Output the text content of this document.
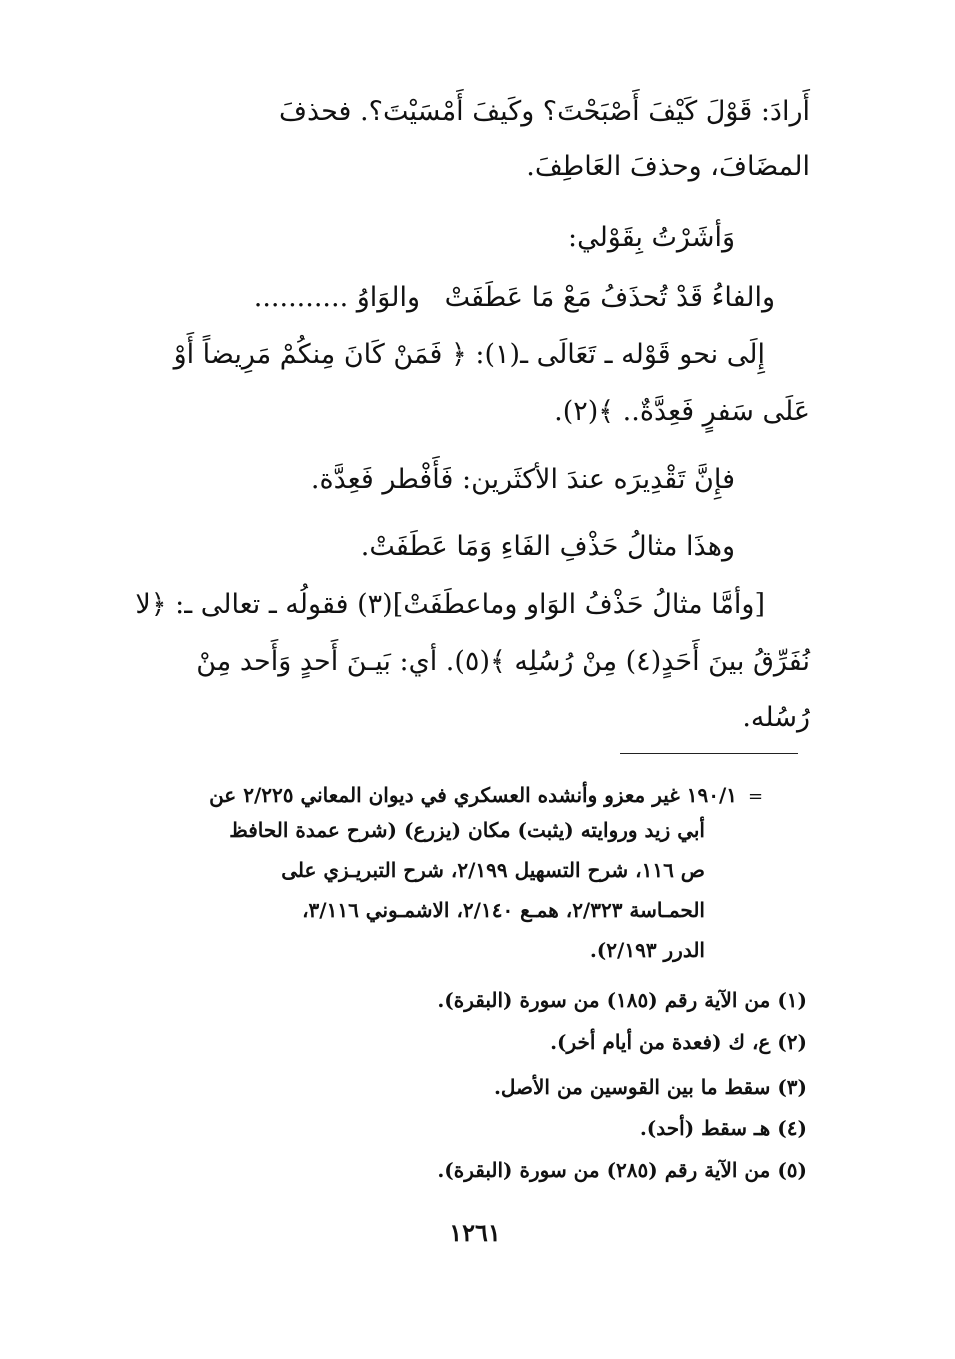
أَرادَ: قَوْلَ كَيْفَ أَصْبَحْتَ؟ وكَيفَ أَمْسَيْتَ؟. فحذفَ
المضَافَ، وحذفَ العَاطِفَ.
وَأشَرْتُ بِقَوْلي:
والفاءُ قَدْ تُحذَفُ مَعْ مَا عَطَفَتْ
والوَاوُ ...........
إِلَى نحو قَوْله ـ تَعَالَى ـ(١): ﴿ فَمَنْ كَانَ مِنكُمْ مَرِيضاً أَوْ
عَلَى سَفرٍ فَعِدَّةٌ.. ﴾(٢).
فإِنَّ تَقْدِيرَه عندَ الأكثَرين: فَأَفْطر فَعِدَّة.
وهذَا مثالُ حَذْفِ الفَاءِ وَمَا عَطَفَتْ.
[وأمَّا مثالُ حَذْفُ الوَاو وماعطَفَتْ](٣) فقولُه ـ تعالى ـ: ﴿لا
نُفَرِّقُ بينَ أَحَدٍ(٤) مِنْ رُسُلِه ﴾(٥). أي: بَيـنَ أَحدٍ وَأَحد مِنْ
رُسُله.
=
١٩٠/١ غير معزو وأنشده العسكري في ديوان المعاني ٢/٢٢٥ عن
أبي زيد وروايته (يثبت) مكان (يزرع) (شرح عمدة الحافظ
ص ١١٦، شرح التسهيل ٢/١٩٩، شرح التبريـزي على
الحمـاسة ٢/٣٢٣، همـع ٢/١٤٠، الاشمـوني ٣/١١٦،
الدرر ٢/١٩٣).
(١) من الآية رقم (١٨٥) من سورة (البقرة).
(٢) ع، ك (فعدة من أيام أخر).
(٣) سقط ما بين القوسين من الأصل.
(٤) هـ سقط (أحد).
(٥) من الآية رقم (٢٨٥) من سورة (البقرة).
١٢٦١
